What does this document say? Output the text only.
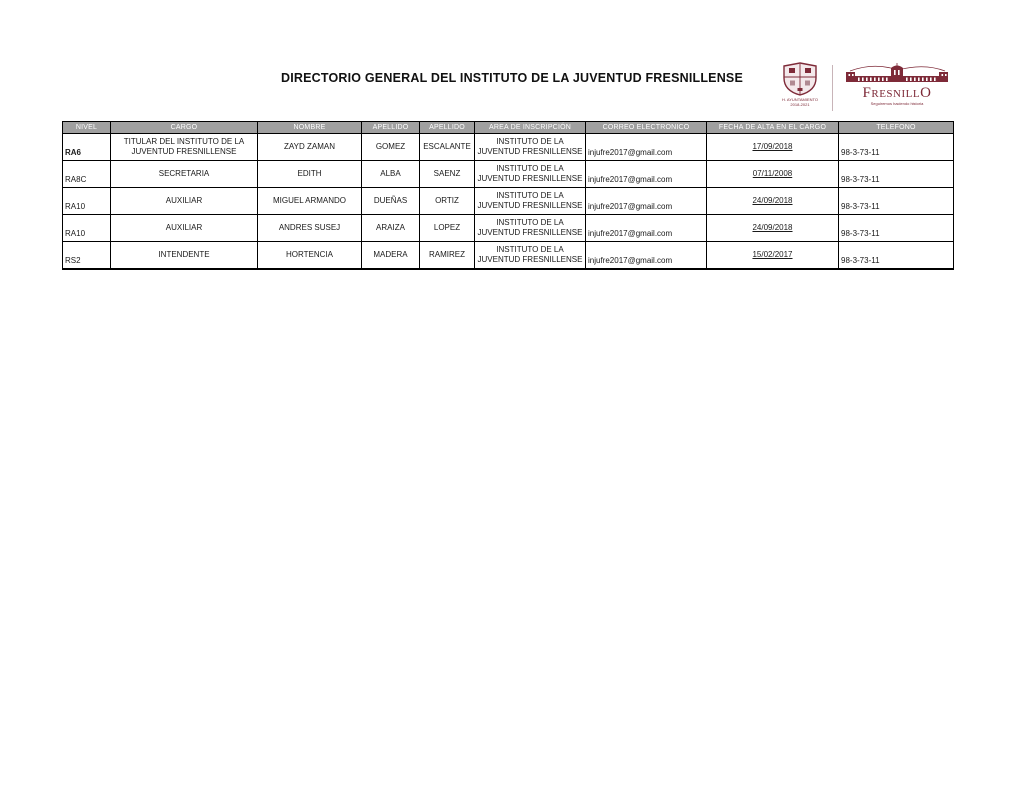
DIRECTORIO GENERAL DEL INSTITUTO DE LA JUVENTUD FRESNILLENSE
H. AYUNTAMIENTO
2018-2021
FRESNILLO
Seguiremos haciendo historia
NIVEL	CARGO	NOMBRE	APELLIDO	APELLIDO	AREA DE INSCRIPCIÓN	CORREO ELECTRONICO	FECHA DE ALTA EN EL CARGO	TELEFONO
RA6	TITULAR DEL INSTITUTO DE LA JUVENTUD FRESNILLENSE	ZAYD ZAMAN	GOMEZ	ESCALANTE	INSTITUTO DE LA JUVENTUD FRESNILLENSE	injufre2017@gmail.com	17/09/2018	98-3-73-11
RA8C	SECRETARIA	EDITH	ALBA	SAENZ	INSTITUTO DE LA JUVENTUD FRESNILLENSE	injufre2017@gmail.com	07/11/2008	98-3-73-11
RA10	AUXILIAR	MIGUEL ARMANDO	DUEÑAS	ORTIZ	INSTITUTO DE LA JUVENTUD FRESNILLENSE	injufre2017@gmail.com	24/09/2018	98-3-73-11
RA10	AUXILIAR	ANDRES SUSEJ	ARAIZA	LOPEZ	INSTITUTO DE LA JUVENTUD FRESNILLENSE	injufre2017@gmail.com	24/09/2018	98-3-73-11
RS2	INTENDENTE	HORTENCIA	MADERA	RAMIREZ	INSTITUTO DE LA JUVENTUD FRESNILLENSE	injufre2017@gmail.com	15/02/2017	98-3-73-11
